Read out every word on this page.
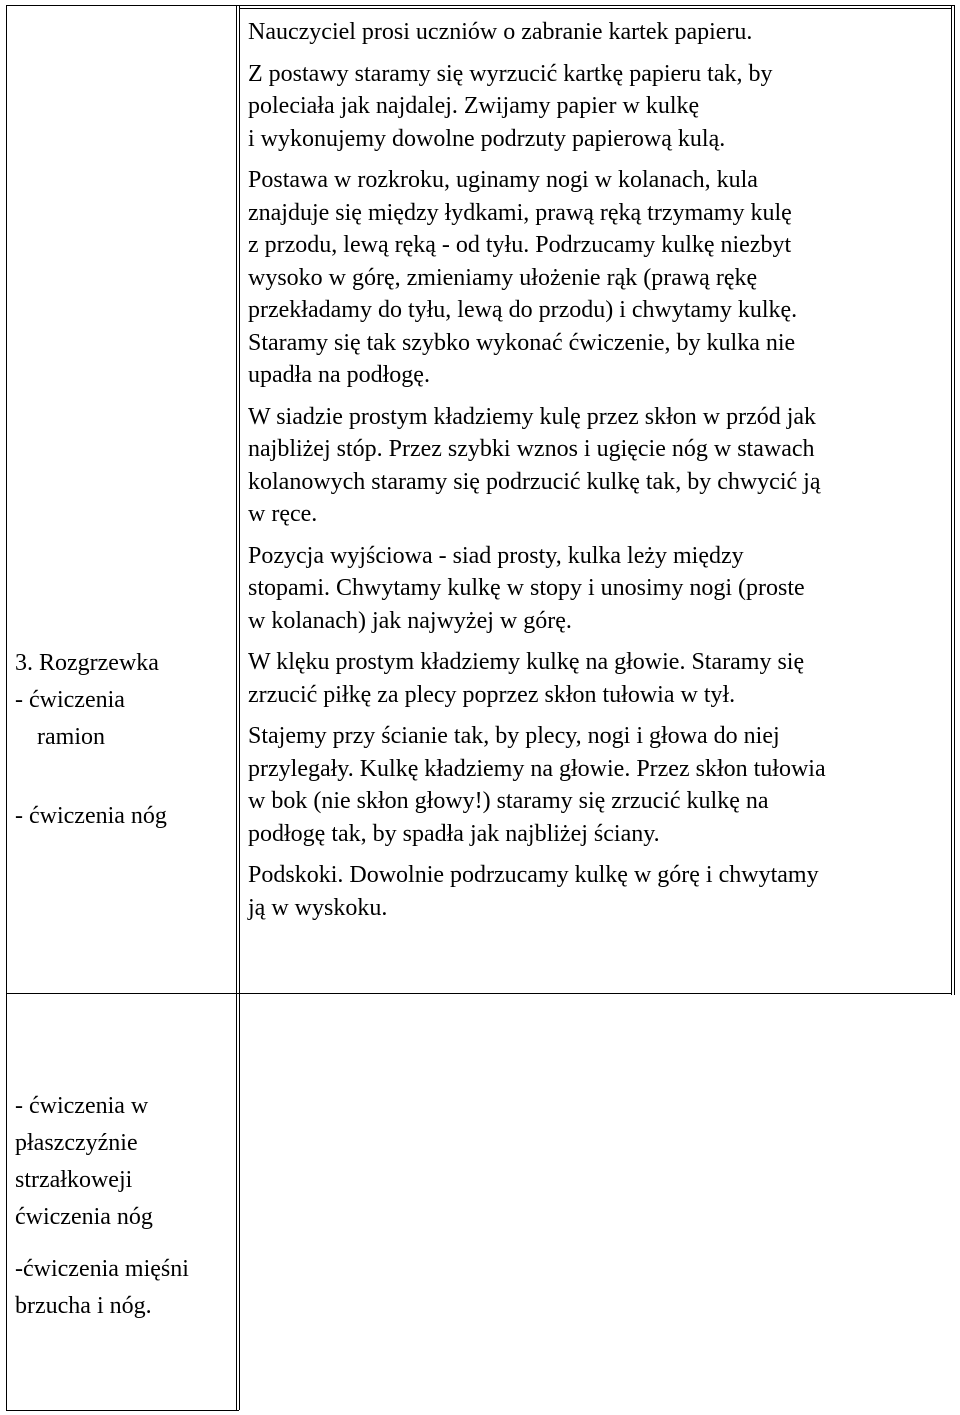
3. Rozgrzewka
- ćwiczenia
ramion
- ćwiczenia nóg
- ćwiczenia w
płaszczyźnie
strzałkoweji
ćwiczenia nóg
-ćwiczenia mięśni
brzucha i nóg.
Nauczyciel prosi uczniów o zabranie kartek papieru.
Z postawy staramy się wyrzucić kartkę papieru tak, by
poleciała jak najdalej. Zwijamy papier w kulkę
i wykonujemy dowolne podrzuty papierową kulą.
Postawa w rozkroku, uginamy nogi w kolanach, kula
znajduje się między łydkami, prawą ręką trzymamy kulę
z przodu, lewą ręką - od tyłu. Podrzucamy kulkę niezbyt
wysoko w górę, zmieniamy ułożenie rąk (prawą rękę
przekładamy do tyłu, lewą do przodu) i chwytamy kulkę.
Staramy się tak szybko wykonać ćwiczenie, by kulka nie
upadła na podłogę.
W siadzie prostym kładziemy kulę przez skłon w przód jak
najbliżej stóp. Przez szybki wznos i ugięcie nóg w stawach
kolanowych staramy się podrzucić kulkę tak, by chwycić ją
w ręce.
Pozycja wyjściowa - siad prosty, kulka leży między
stopami. Chwytamy kulkę w stopy i unosimy nogi (proste
w kolanach) jak najwyżej w górę.
W klęku prostym kładziemy kulkę na głowie. Staramy się
zrzucić piłkę za plecy poprzez skłon tułowia w tył.
Stajemy przy ścianie tak, by plecy, nogi i głowa do niej
przylegały. Kulkę kładziemy na głowie. Przez skłon tułowia
w bok (nie skłon głowy!) staramy się zrzucić kulkę na
podłogę tak, by spadła jak najbliżej ściany.
Podskoki. Dowolnie podrzucamy kulkę w górę i chwytamy
ją w wyskoku.
